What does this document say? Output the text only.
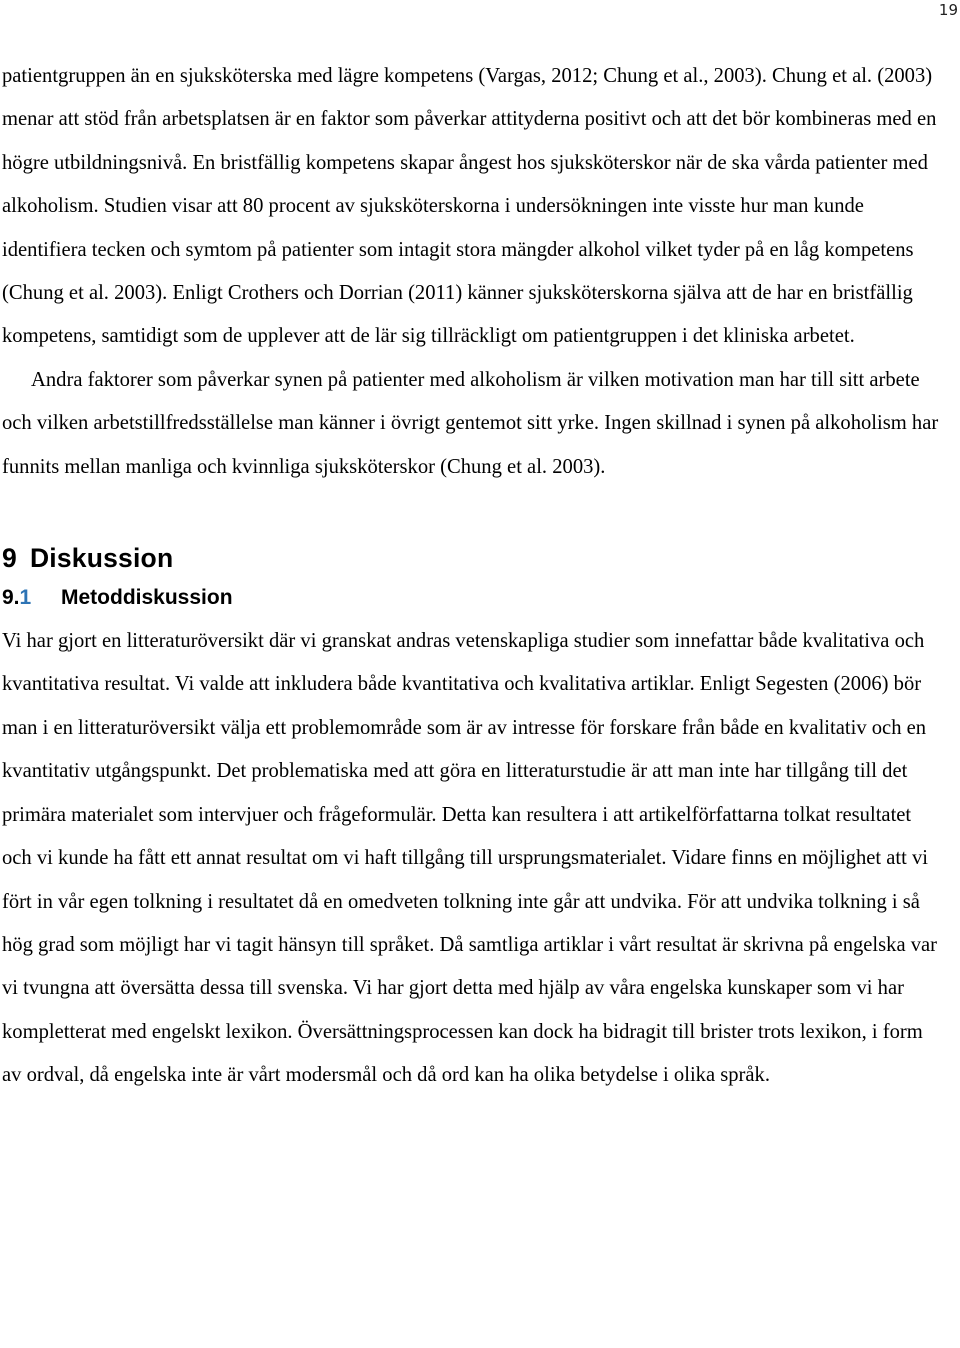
19

patientgruppen än en sjuksköterska med lägre kompetens (Vargas, 2012; Chung et al., 2003). Chung et al. (2003) menar att stöd från arbetsplatsen är en faktor som påverkar attityderna positivt och att det bör kombineras med en högre utbildningsnivå. En bristfällig kompetens skapar ångest hos sjuksköterskor när de ska vårda patienter med alkoholism. Studien visar att 80 procent av sjuksköterskorna i undersökningen inte visste hur man kunde identifiera tecken och symtom på patienter som intagit stora mängder alkohol vilket tyder på en låg kompetens (Chung et al. 2003). Enligt Crothers och Dorrian (2011) känner sjuksköterskorna själva att de har en bristfällig kompetens, samtidigt som de upplever att de lär sig tillräckligt om patientgruppen i det kliniska arbetet.

Andra faktorer som påverkar synen på patienter med alkoholism är vilken motivation man har till sitt arbete och vilken arbetstillfredsställelse man känner i övrigt gentemot sitt yrke. Ingen skillnad i synen på alkoholism har funnits mellan manliga och kvinnliga sjuksköterskor (Chung et al. 2003).

9 Diskussion
9.1 Metoddiskussion

Vi har gjort en litteraturöversikt där vi granskat andras vetenskapliga studier som innefattar både kvalitativa och kvantitativa resultat. Vi valde att inkludera både kvantitativa och kvalitativa artiklar. Enligt Segesten (2006) bör man i en litteraturöversikt välja ett problemområde som är av intresse för forskare från både en kvalitativ och en kvantitativ utgångspunkt. Det problematiska med att göra en litteraturstudie är att man inte har tillgång till det primära materialet som intervjuer och frågeformulär. Detta kan resultera i att artikelförfattarna tolkat resultatet och vi kunde ha fått ett annat resultat om vi haft tillgång till ursprungsmaterialet. Vidare finns en möjlighet att vi fört in vår egen tolkning i resultatet då en omedveten tolkning inte går att undvika. För att undvika tolkning i så hög grad som möjligt har vi tagit hänsyn till språket. Då samtliga artiklar i vårt resultat är skrivna på engelska var vi tvungna att översätta dessa till svenska. Vi har gjort detta med hjälp av våra engelska kunskaper som vi har kompletterat med engelskt lexikon. Översättningsprocessen kan dock ha bidragit till brister trots lexikon, i form av ordval, då engelska inte är vårt modersmål och då ord kan ha olika betydelse i olika språk.
